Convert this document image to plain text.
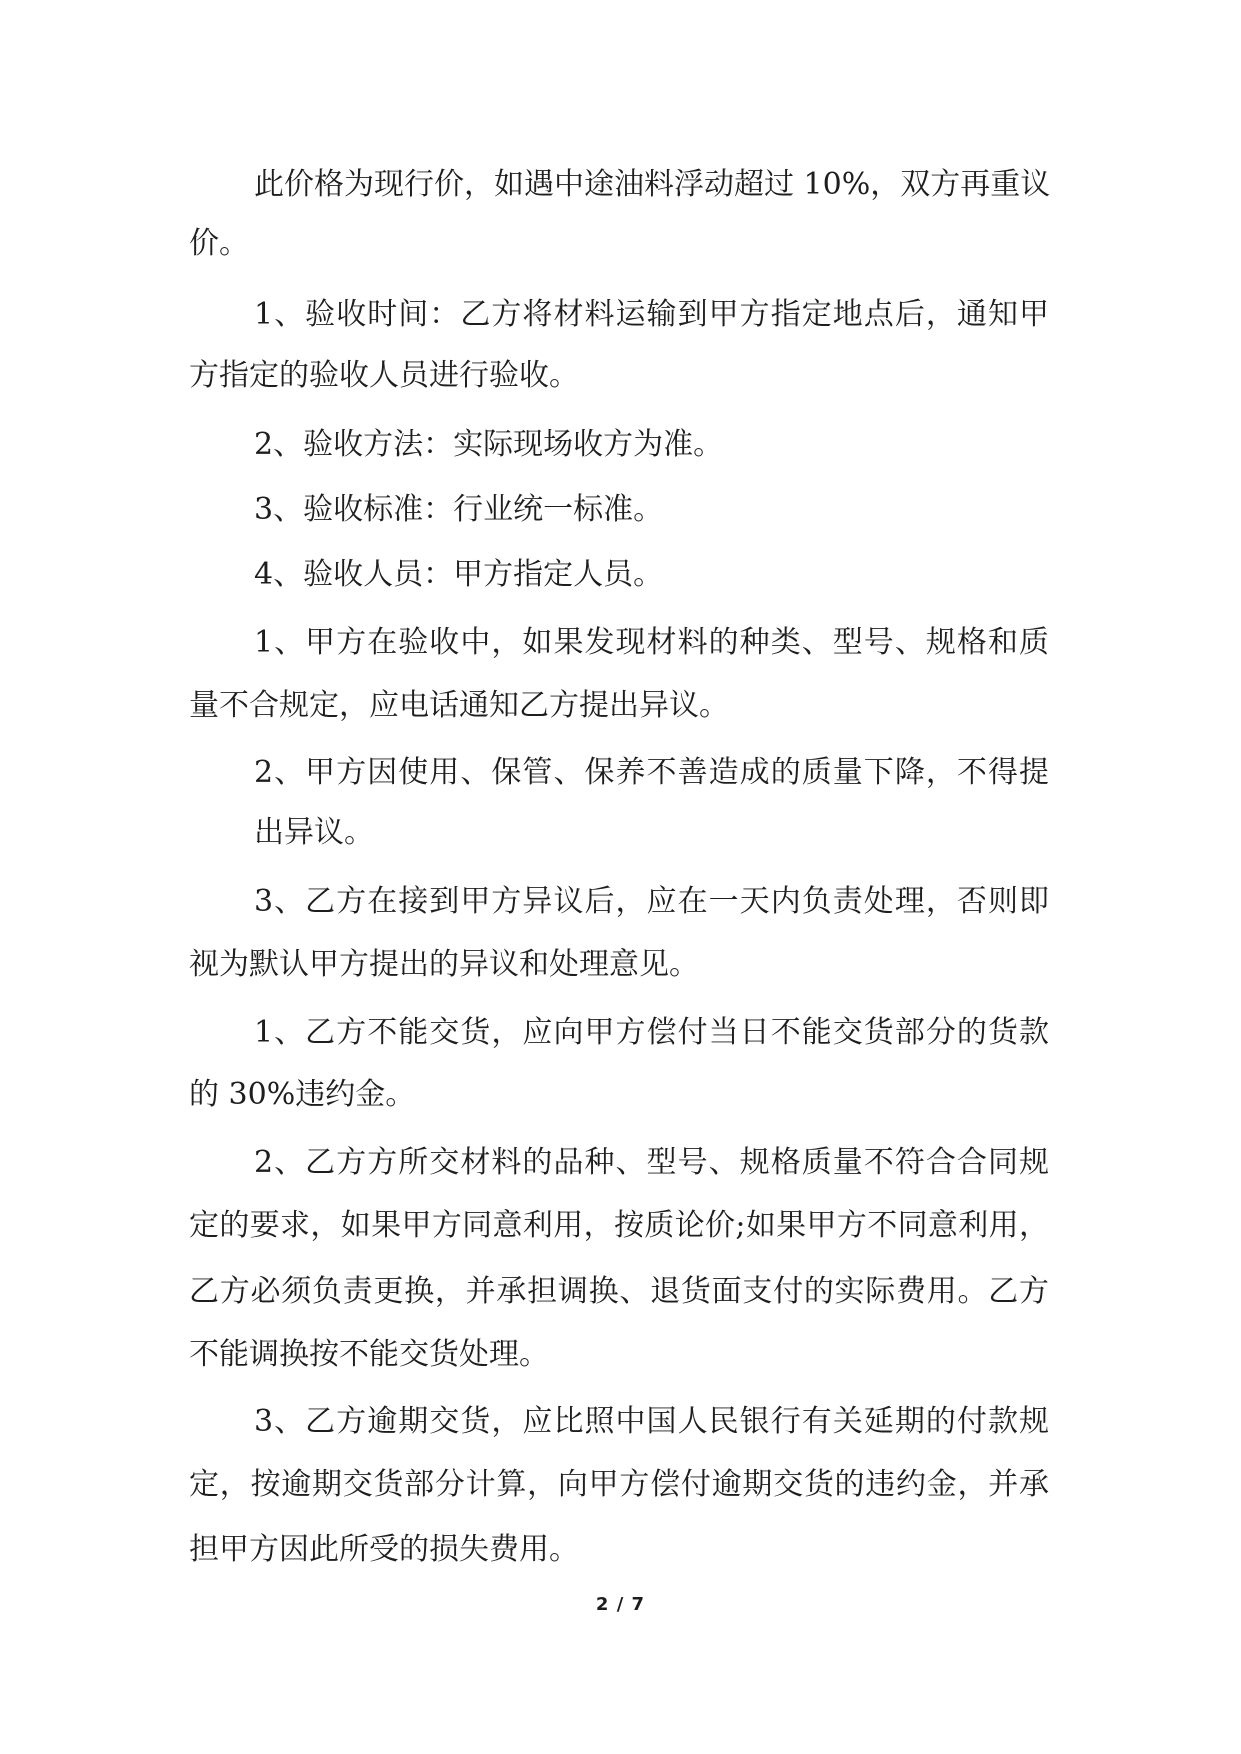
此价格为现行价，如遇中途油料浮动超过 10%，双方再重议
价。
1、验收时间：乙方将材料运输到甲方指定地点后，通知甲
方指定的验收人员进行验收。
2、验收方法：实际现场收方为准。
3、验收标准：行业统一标准。
4、验收人员：甲方指定人员。
1、甲方在验收中，如果发现材料的种类、型号、规格和质
量不合规定，应电话通知乙方提出异议。
2、甲方因使用、保管、保养不善造成的质量下降，不得提
出异议。
3、乙方在接到甲方异议后，应在一天内负责处理，否则即
视为默认甲方提出的异议和处理意见。
1、乙方不能交货，应向甲方偿付当日不能交货部分的货款
的 30%违约金。
2、乙方方所交材料的品种、型号、规格质量不符合合同规
定的要求，如果甲方同意利用，按质论价;如果甲方不同意利用，
乙方必须负责更换，并承担调换、退货面支付的实际费用。乙方
不能调换按不能交货处理。
3、乙方逾期交货，应比照中国人民银行有关延期的付款规
定，按逾期交货部分计算，向甲方偿付逾期交货的违约金，并承
担甲方因此所受的损失费用。
2 / 7
